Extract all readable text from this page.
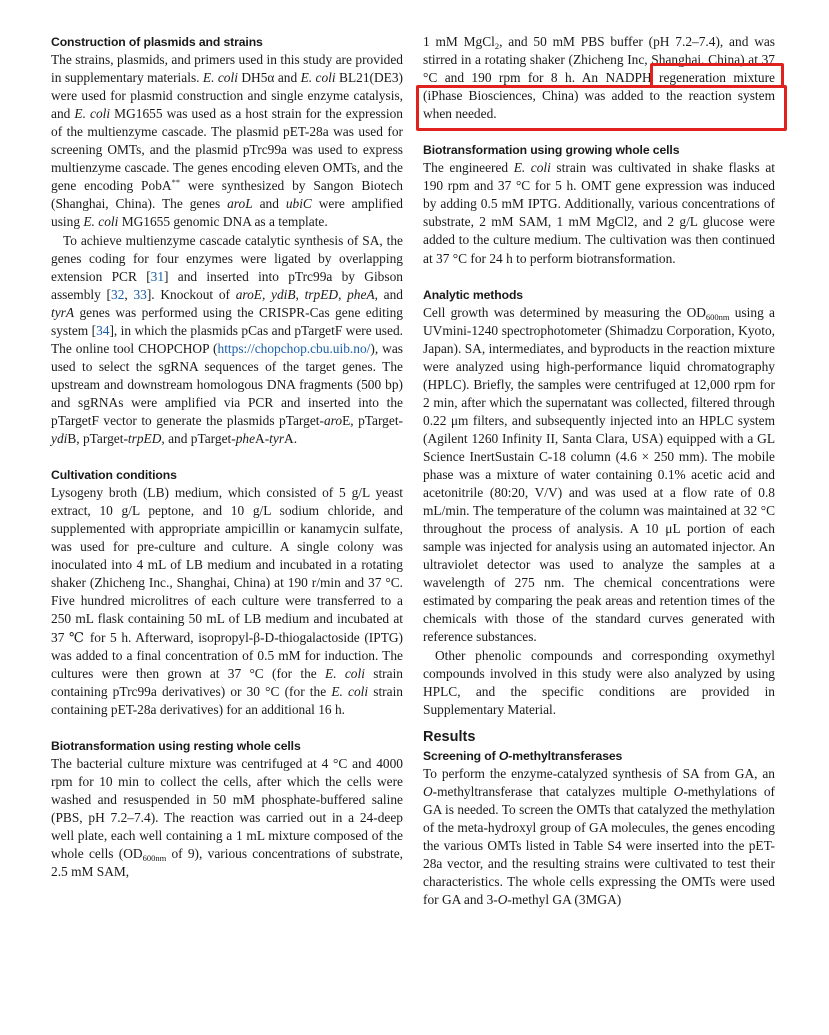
Construction of plasmids and strains

The strains, plasmids, and primers used in this study are provided in supplementary materials. E. coli DH5α and E. coli BL21(DE3) were used for plasmid construction and single enzyme catalysis, and E. coli MG1655 was used as a host strain for the expression of the multienzyme cascade. The plasmid pET-28a was used for screening OMTs, and the plasmid pTrc99a was used to express multienzyme cascade. The genes encoding eleven OMTs, and the gene encoding PobA** were synthesized by Sangon Biotech (Shanghai, China). The genes aroL and ubiC were amplified using E. coli MG1655 genomic DNA as a template.

To achieve multienzyme cascade catalytic synthesis of SA, the genes coding for four enzymes were ligated by overlapping extension PCR [31] and inserted into pTrc99a by Gibson assembly [32, 33]. Knockout of aroE, ydiB, trpED, pheA, and tyrA genes was performed using the CRISPR-Cas gene editing system [34], in which the plasmids pCas and pTargetF were used. The online tool CHOPCHOP (https://chopchop.cbu.uib.no/), was used to select the sgRNA sequences of the target genes. The upstream and downstream homologous DNA fragments (500 bp) and sgRNAs were amplified via PCR and inserted into the pTargetF vector to generate the plasmids pTarget-aroE, pTarget-ydiB, pTarget-trpED, and pTarget-pheA-tyrA.

Cultivation conditions

Lysogeny broth (LB) medium, which consisted of 5 g/L yeast extract, 10 g/L peptone, and 10 g/L sodium chloride, and supplemented with appropriate ampicillin or kanamycin sulfate, was used for pre-culture and culture. A single colony was inoculated into 4 mL of LB medium and incubated in a rotating shaker (Zhicheng Inc., Shanghai, China) at 190 r/min and 37 °C. Five hundred microlitres of each culture were transferred to a 250 mL flask containing 50 mL of LB medium and incubated at 37 ℃ for 5 h. Afterward, isopropyl-β-D-thiogalactoside (IPTG) was added to a final concentration of 0.5 mM for induction. The cultures were then grown at 37 °C (for the E. coli strain containing pTrc99a derivatives) or 30 °C (for the E. coli strain containing pET-28a derivatives) for an additional 16 h.

Biotransformation using resting whole cells

The bacterial culture mixture was centrifuged at 4 °C and 4000 rpm for 10 min to collect the cells, after which the cells were washed and resuspended in 50 mM phosphate-buffered saline (PBS, pH 7.2–7.4). The reaction was carried out in a 24-deep well plate, each well containing a 1 mL mixture composed of the whole cells ($OD_{600nm}$ of 9), various concentrations of substrate, 2.5 mM SAM,

1 mM MgCl$_2$, and 50 mM PBS buffer (pH 7.2–7.4), and was stirred in a rotating shaker (Zhicheng Inc, Shanghai, China) at 37 °C and 190 rpm for 8 h. An NADPH regeneration mixture (iPhase Biosciences, China) was added to the reaction system when needed.

Biotransformation using growing whole cells

The engineered E. coli strain was cultivated in shake flasks at 190 rpm and 37 °C for 5 h. OMT gene expression was induced by adding 0.5 mM IPTG. Additionally, various concentrations of substrate, 2 mM SAM, 1 mM MgCl2, and 2 g/L glucose were added to the culture medium. The cultivation was then continued at 37 °C for 24 h to perform biotransformation.

Analytic methods

Cell growth was determined by measuring the $OD_{600nm}$ using a UVmini-1240 spectrophotometer (Shimadzu Corporation, Kyoto, Japan). SA, intermediates, and byproducts in the reaction mixture were analyzed using high-performance liquid chromatography (HPLC). Briefly, the samples were centrifuged at 12,000 rpm for 2 min, after which the supernatant was collected, filtered through 0.22 μm filters, and subsequently injected into an HPLC system (Agilent 1260 Infinity II, Santa Clara, USA) equipped with a GL Science InertSustain C-18 column (4.6 × 250 mm). The mobile phase was a mixture of water containing 0.1% acetic acid and acetonitrile (80:20, V/V) and was used at a flow rate of 0.8 mL/min. The temperature of the column was maintained at 32 °C throughout the process of analysis. A 10 μL portion of each sample was injected for analysis using an automated injector. An ultraviolet detector was used to analyze the samples at a wavelength of 275 nm. The chemical concentrations were estimated by comparing the peak areas and retention times of the chemicals with those of the standard curves generated with reference substances.

Other phenolic compounds and corresponding oxymethyl compounds involved in this study were also analyzed by using HPLC, and the specific conditions are provided in Supplementary Material.

Results
Screening of O-methyltransferases

To perform the enzyme-catalyzed synthesis of SA from GA, an O-methyltransferase that catalyzes multiple O-methylations of GA is needed. To screen the OMTs that catalyzed the methylation of the meta-hydroxyl group of GA molecules, the genes encoding the various OMTs listed in Table S4 were inserted into the pET-28a vector, and the resulting strains were cultivated to test their characteristics. The whole cells expressing the OMTs were used for GA and 3-O-methyl GA (3MGA)
